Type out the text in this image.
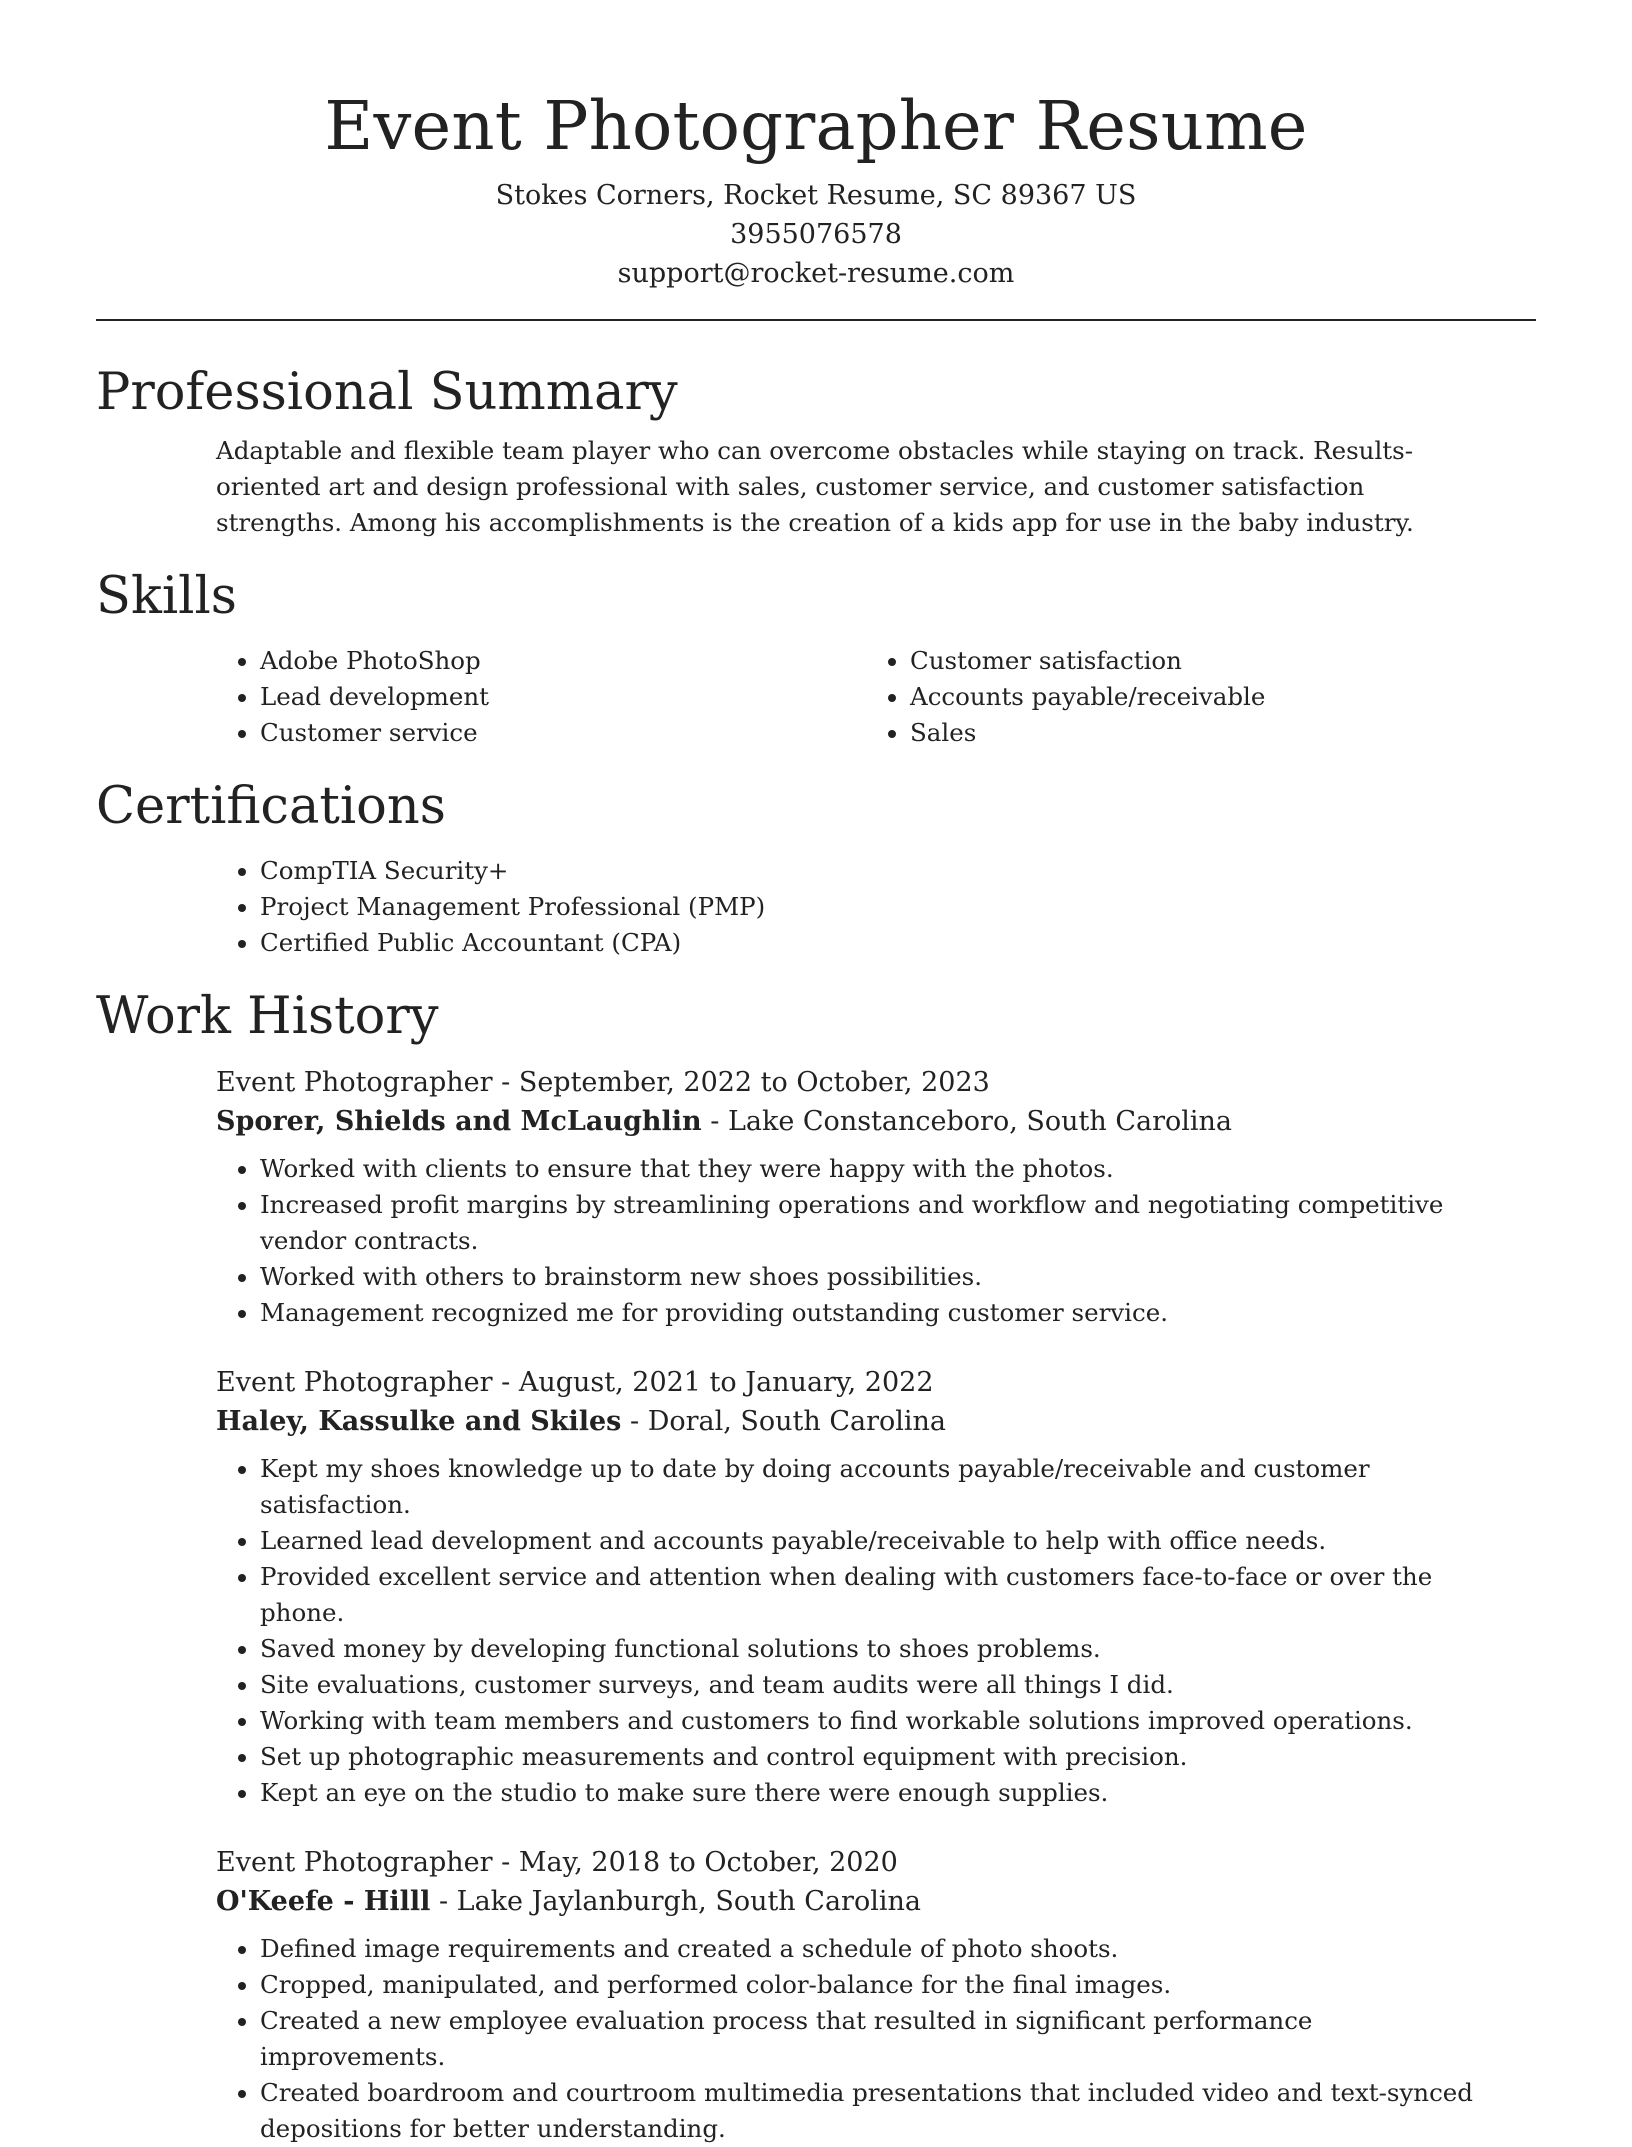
Event Photographer Resume
Stokes Corners, Rocket Resume, SC 89367 US
3955076578
support@rocket-resume.com
Professional Summary

Adaptable and flexible team player who can overcome obstacles while staying on track. Results-oriented art and design professional with sales, customer service, and customer satisfaction strengths. Among his accomplishments is the creation of a kids app for use in the baby industry.

Skills
• Adobe PhotoShop
• Lead development
• Customer service
• Customer satisfaction
• Accounts payable/receivable
• Sales
Certifications
• CompTIA Security+
• Project Management Professional (PMP)
• Certified Public Accountant (CPA)
Work History
Event Photographer - September, 2022 to October, 2023
Sporer, Shields and McLaughlin - Lake Constanceboro, South Carolina
• Worked with clients to ensure that they were happy with the photos.
• Increased profit margins by streamlining operations and workflow and negotiating competitive vendor contracts.
• Worked with others to brainstorm new shoes possibilities.
• Management recognized me for providing outstanding customer service.
Event Photographer - August, 2021 to January, 2022
Haley, Kassulke and Skiles - Doral, South Carolina
• Kept my shoes knowledge up to date by doing accounts payable/receivable and customer satisfaction.
• Learned lead development and accounts payable/receivable to help with office needs.
• Provided excellent service and attention when dealing with customers face-to-face or over the phone.
• Saved money by developing functional solutions to shoes problems.
• Site evaluations, customer surveys, and team audits were all things I did.
• Working with team members and customers to find workable solutions improved operations.
• Set up photographic measurements and control equipment with precision.
• Kept an eye on the studio to make sure there were enough supplies.
Event Photographer - May, 2018 to October, 2020
O'Keefe - Hilll - Lake Jaylanburgh, South Carolina
• Defined image requirements and created a schedule of photo shoots.
• Cropped, manipulated, and performed color-balance for the final images.
• Created a new employee evaluation process that resulted in significant performance improvements.
• Created boardroom and courtroom multimedia presentations that included video and text-synced depositions for better understanding.
